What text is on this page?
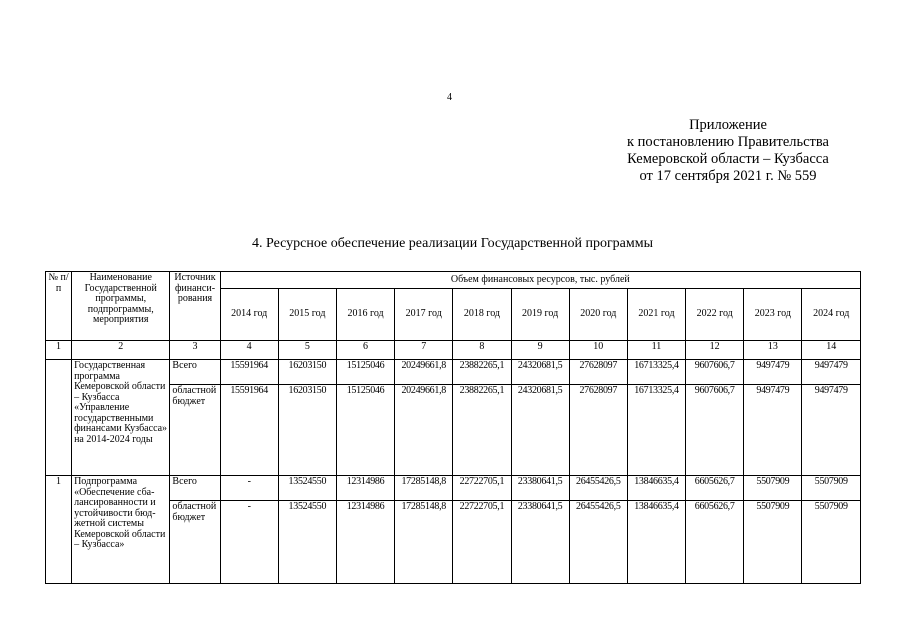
4
Приложение
к постановлению Правительства
Кемеровской области – Кузбасса
от 17 сентября 2021 г. № 559
4. Ресурсное обеспечение реализации Государственной программы
№ п/п	Наименование Государственной программы, подпрограммы, мероприятия	Источник финанси-рования	Объем финансовых ресурсов, тыс. рублей										
			2014 год	2015 год	2016 год	2017 год	2018 год	2019 год	2020 год	2021 год	2022 год	2023 год	2024 год
1	2	3	4	5	6	7	8	9	10	11	12	13	14
	Государственная программа Кемеровской области – Кузбасса «Управление государственными финансами Кузбасса» на 2014-2024 годы	Всего	15591964	16203150	15125046	20249661,8	23882265,1	24320681,5	27628097	16713325,4	9607606,7	9497479	9497479
		областной бюджет	15591964	16203150	15125046	20249661,8	23882265,1	24320681,5	27628097	16713325,4	9607606,7	9497479	9497479
1	Подпрограмма «Обеспечение сба-лансированности и устойчивости бюд-жетной системы Кемеровской области – Кузбасса»	Всего	-	13524550	12314986	17285148,8	22722705,1	23380641,5	26455426,5	13846635,4	6605626,7	5507909	5507909
		областной бюджет	-	13524550	12314986	17285148,8	22722705,1	23380641,5	26455426,5	13846635,4	6605626,7	5507909	5507909
